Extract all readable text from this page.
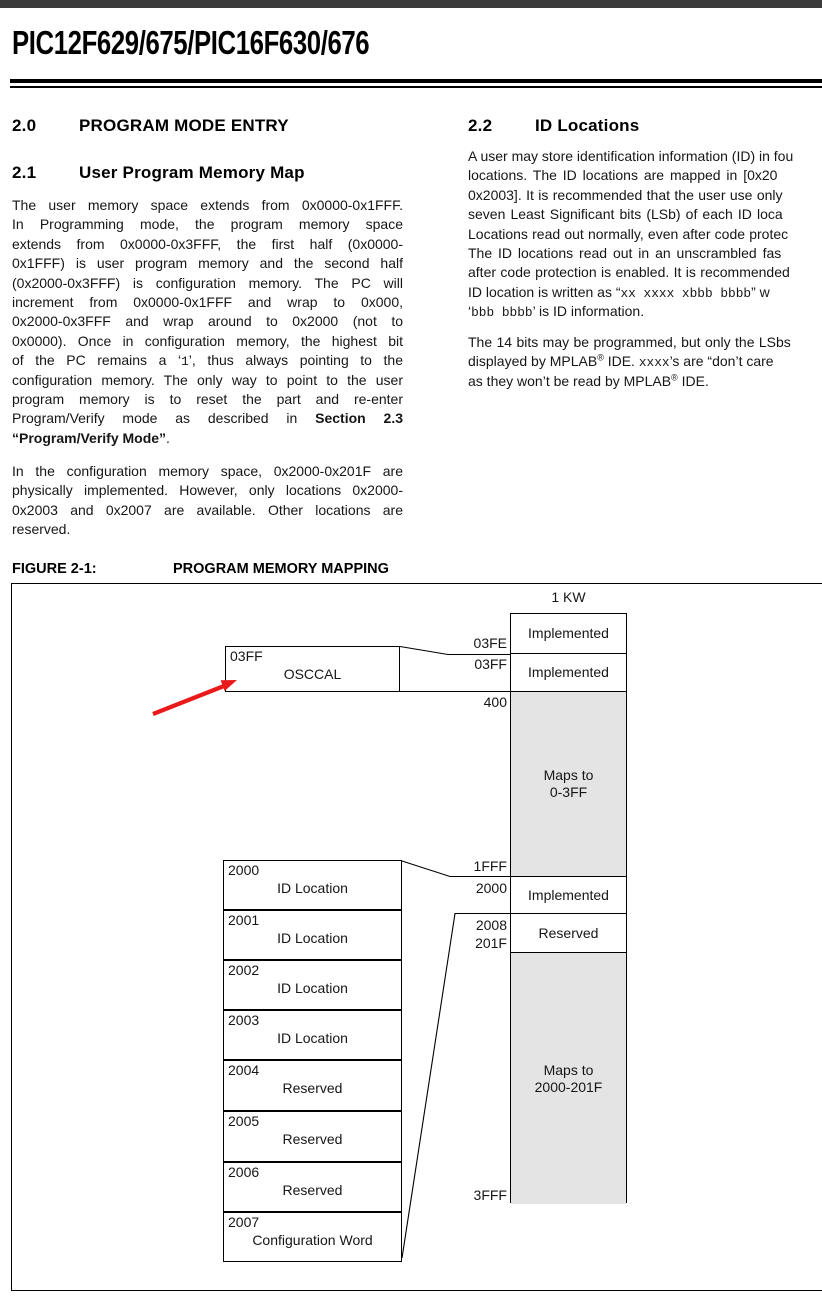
PIC12F629/675/PIC16F630/676
2.0	PROGRAM MODE ENTRY
2.1	User Program Memory Map
The user memory space extends from 0x0000-0x1FFF.
In Programming mode, the program memory space
extends from 0x0000-0x3FFF, the first half (0x0000-
0x1FFF) is user program memory and the second half
(0x2000-0x3FFF) is configuration memory. The PC will
increment from 0x0000-0x1FFF and wrap to 0x000,
0x2000-0x3FFF and wrap around to 0x2000 (not to
0x0000). Once in configuration memory, the highest bit
of the PC remains a ‘1’, thus always pointing to the
configuration memory. The only way to point to the user
program memory is to reset the part and re-enter
Program/Verify mode as described in Section 2.3
“Program/Verify Mode”.
In the configuration memory space, 0x2000-0x201F are
physically implemented. However, only locations 0x2000-
0x2003 and 0x2007 are available. Other locations are
reserved.
2.2	ID Locations
A user may store identification information (ID) in fou
locations. The ID locations are mapped in [0x20
0x2003]. It is recommended that the user use only
seven Least Significant bits (LSb) of each ID loca
Locations read out normally, even after code protec
The ID locations read out in an unscrambled fas
after code protection is enabled. It is recommended
ID location is written as “xx xxxx xbbb bbbb” w
‘bbb bbbb’ is ID information.
The 14 bits may be programmed, but only the LSbs
displayed by MPLAB® IDE. xxxx’s are “don’t care
as they won’t be read by MPLAB® IDE.
FIGURE 2-1:	PROGRAM MEMORY MAPPING
1 KW
Implemented
Implemented
Maps to
0-3FF
Implemented
Reserved
Maps to
2000-201F
03FE
03FF
400
1FFF
2000
2008
201F
3FFF
03FF
OSCCAL
2000
ID Location
2001
ID Location
2002
ID Location
2003
ID Location
2004
Reserved
2005
Reserved
2006
Reserved
2007
Configuration Word
